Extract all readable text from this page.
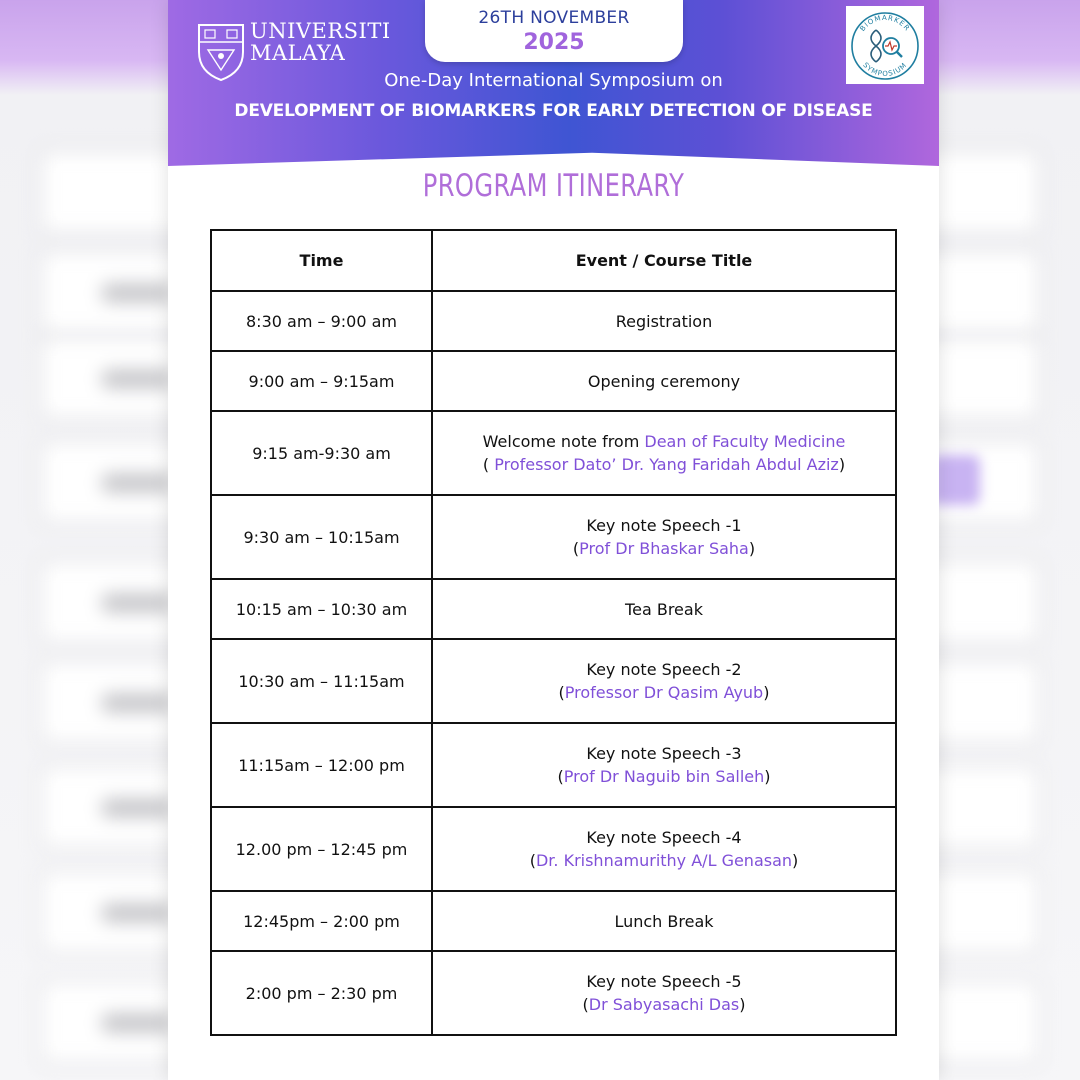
UNIVERSITI
MALAYA
26TH NOVEMBER
2025
BIOMARKER
SYMPOSIUM
One-Day International Symposium on
DEVELOPMENT OF BIOMARKERS FOR EARLY DETECTION OF DISEASE
PROGRAM ITINERARY
Time	Event / Course Title
8:30 am – 9:00 am	Registration
9:00 am – 9:15am	Opening ceremony
9:15 am-9:30 am	Welcome note from Dean of Faculty Medicine
( Professor Dato’ Dr. Yang Faridah Abdul Aziz)

9:30 am – 10:15am	Key note Speech -1
(Prof Dr Bhaskar Saha)

10:15 am – 10:30 am	Tea Break
10:30 am – 11:15am	Key note Speech -2
(Professor Dr Qasim Ayub)

11:15am – 12:00 pm	Key note Speech -3
(Prof Dr Naguib bin Salleh)

12.00 pm – 12:45 pm	Key note Speech -4
(Dr. Krishnamurithy A/L Genasan)

12:45pm – 2:00 pm	Lunch Break
2:00 pm – 2:30 pm	Key note Speech -5
(Dr Sabyasachi Das)
